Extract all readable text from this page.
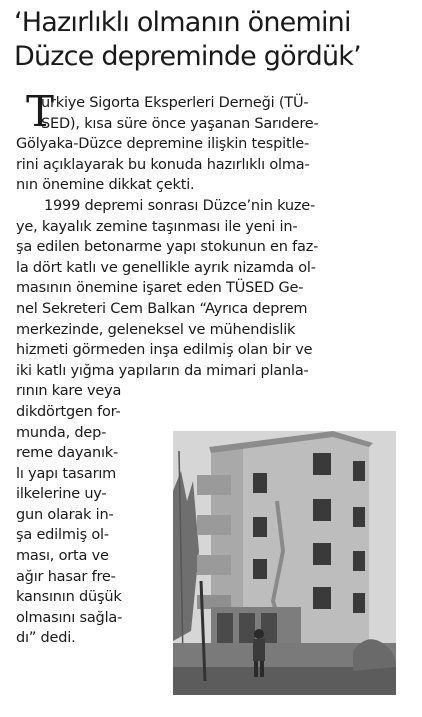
‘Hazırlıklı olmanın önemini
Düzce depreminde gördük’
T
ürkiye Sigorta Eksperleri Derneği (TÜ-
SED), kısa süre önce yaşanan Sarıdere-
Gölyaka-Düzce depremine ilişkin tespitle-
rini açıklayarak bu konuda hazırlıklı olma-
nın önemine dikkat çekti.
1999 depremi sonrası Düzce’nin kuze-
ye, kayalık zemine taşınması ile yeni in-
şa edilen betonarme yapı stokunun en faz-
la dört katlı ve genellikle ayrık nizamda ol-
masının önemine işaret eden TÜSED Ge-
nel Sekreteri Cem Balkan “Ayrıca deprem
merkezinde, geleneksel ve mühendislik
hizmeti görmeden inşa edilmiş olan bir ve
iki katlı yığma yapıların da mimari planla-
rının kare veya
dikdörtgen for-
munda, dep-
reme dayanık-
lı yapı tasarım
ilkelerine uy-
gun olarak in-
şa edilmiş ol-
ması, orta ve
ağır hasar fre-
kansının düşük
olmasını sağla-
dı” dedi.
